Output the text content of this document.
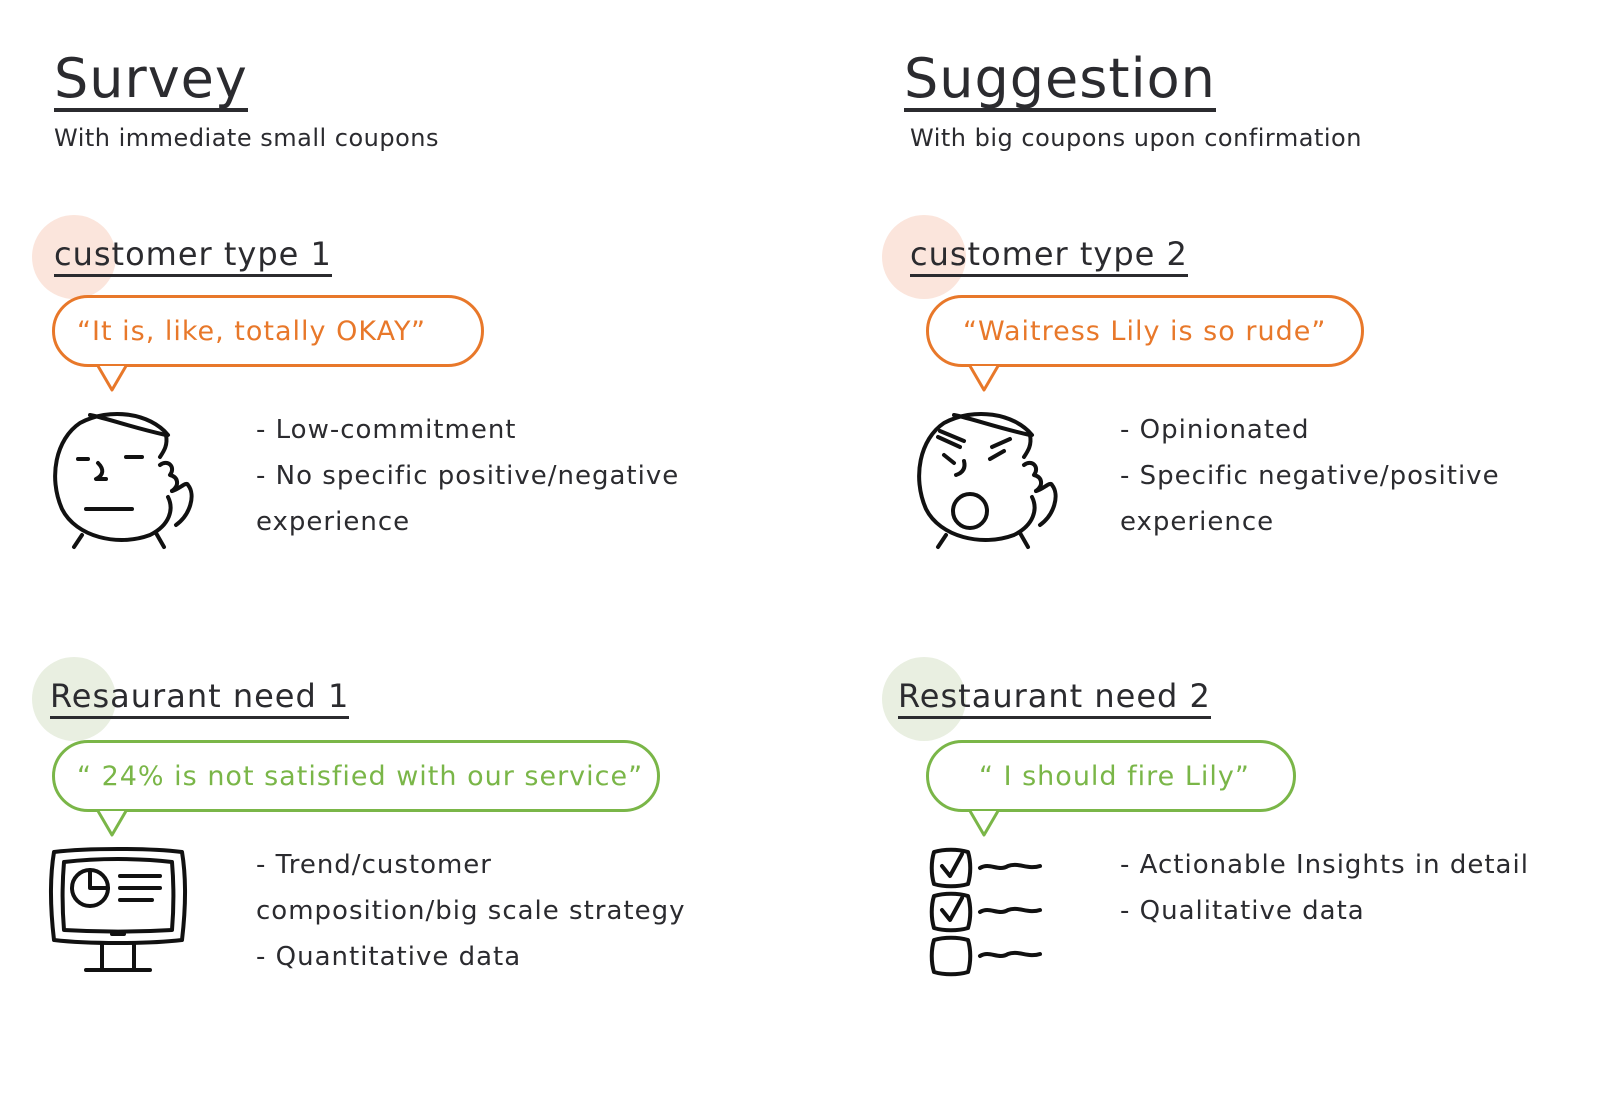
Survey
With immediate small coupons
customer type 1
“It is, like, totally OKAY”
- Low-commitment
- No specific positive/negative
experience
Resaurant need 1
“ 24% is not satisfied with our service”
- Trend/customer
composition/big scale strategy
- Quantitative data
Suggestion
With big coupons upon confirmation
customer type 2
“Waitress Lily is so rude”
- Opinionated
- Specific negative/positive
experience
Restaurant need 2
“ I should fire Lily”
- Actionable Insights in detail
- Qualitative data
